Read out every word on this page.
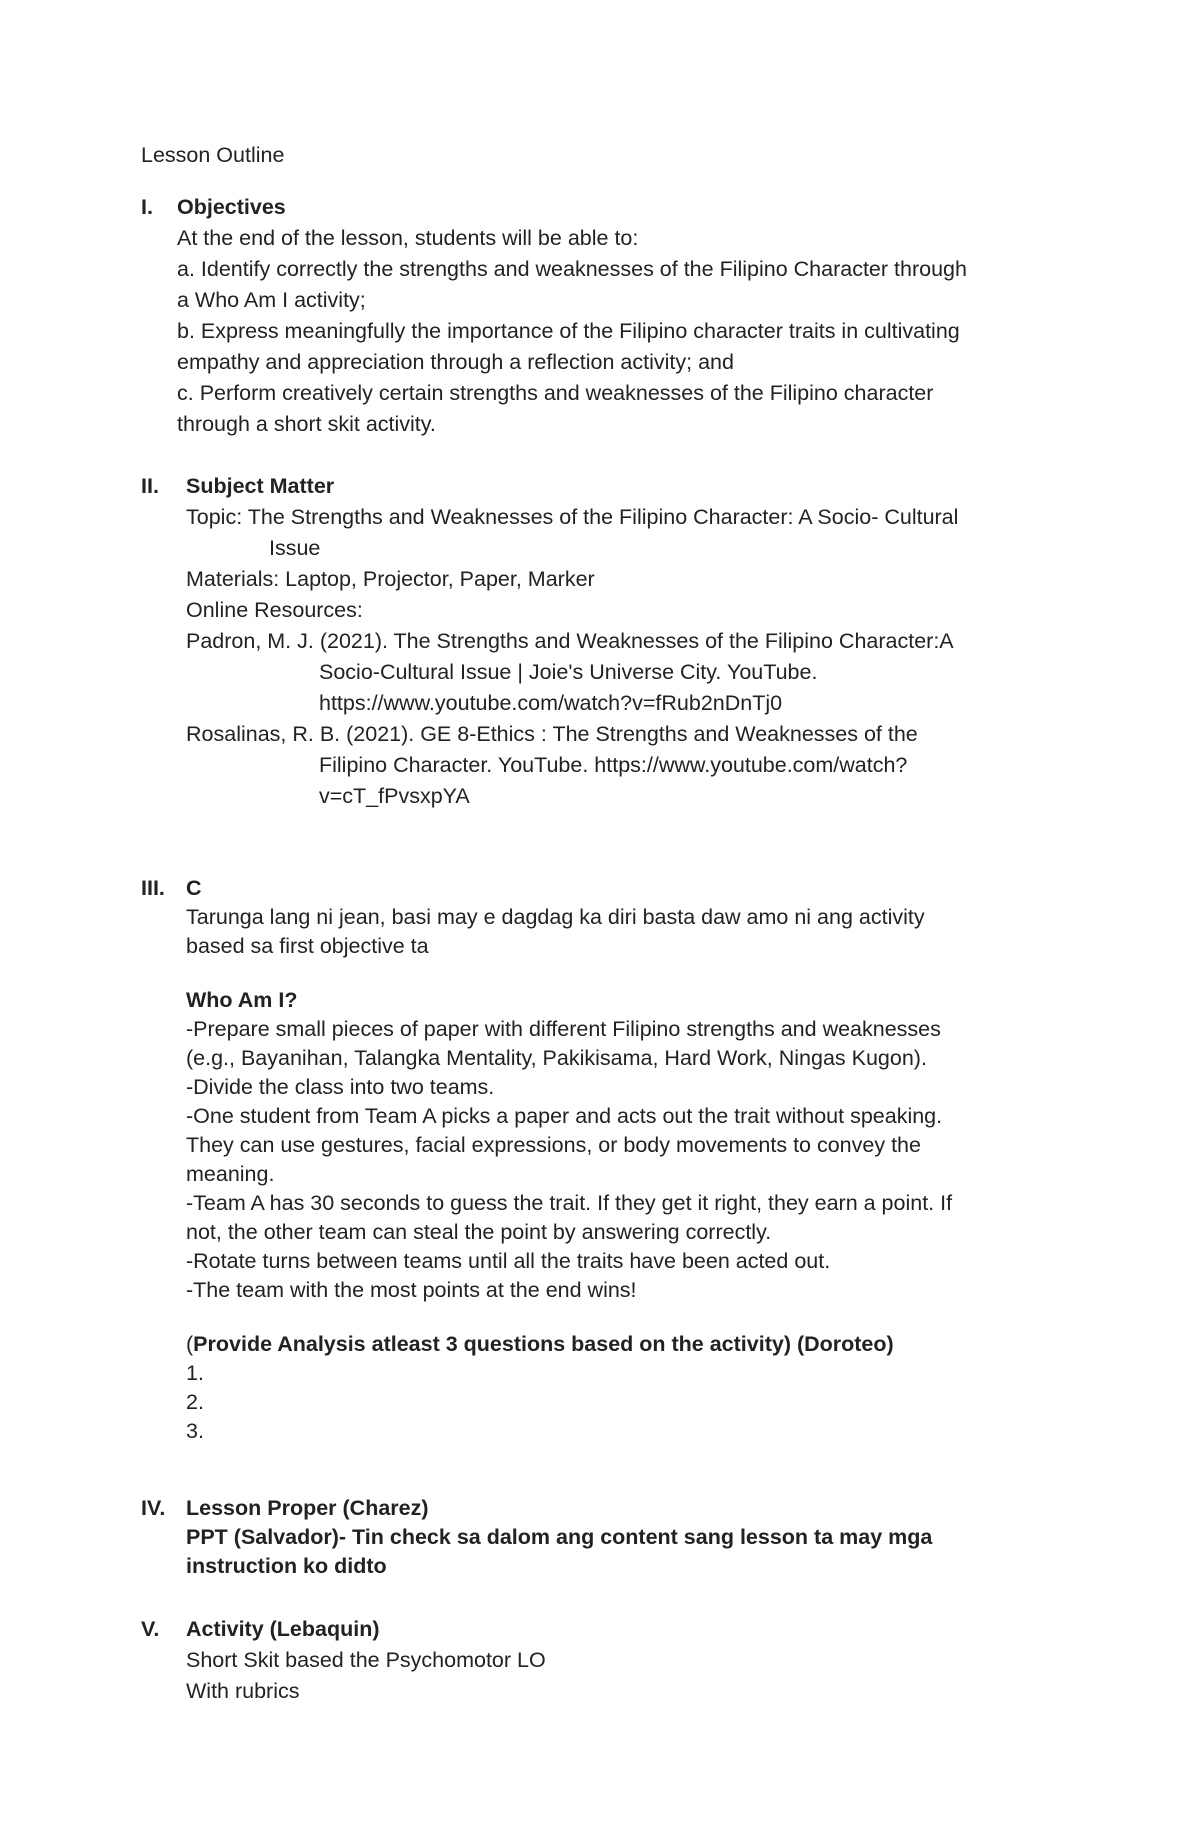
Lesson Outline
I. Objectives
At the end of the lesson, students will be able to:
a. Identify correctly the strengths and weaknesses of the Filipino Character through
a Who Am I activity;
b. Express meaningfully the importance of the Filipino character traits in cultivating
empathy and appreciation through a reflection activity; and
c. Perform creatively certain strengths and weaknesses of the Filipino character
through a short skit activity.
II. Subject Matter
Topic: The Strengths and Weaknesses of the Filipino Character: A Socio- Cultural
Issue
Materials: Laptop, Projector, Paper, Marker
Online Resources:
Padron, M. J. (2021). The Strengths and Weaknesses of the Filipino Character:A
Socio-Cultural Issue | Joie's Universe City. YouTube.
https://www.youtube.com/watch?v=fRub2nDnTj0
Rosalinas, R. B. (2021). GE 8-Ethics : The Strengths and Weaknesses of the
Filipino Character. YouTube. https://www.youtube.com/watch?
v=cT_fPvsxpYA
III. C
Tarunga lang ni jean, basi may e dagdag ka diri basta daw amo ni ang activity
based sa first objective ta
Who Am I?
-Prepare small pieces of paper with different Filipino strengths and weaknesses
(e.g., Bayanihan, Talangka Mentality, Pakikisama, Hard Work, Ningas Kugon).
-Divide the class into two teams.
-One student from Team A picks a paper and acts out the trait without speaking.
They can use gestures, facial expressions, or body movements to convey the
meaning.
-Team A has 30 seconds to guess the trait. If they get it right, they earn a point. If
not, the other team can steal the point by answering correctly.
-Rotate turns between teams until all the traits have been acted out.
-The team with the most points at the end wins!
(Provide Analysis atleast 3 questions based on the activity) (Doroteo)
1.
2.
3.
IV. Lesson Proper (Charez)
PPT (Salvador)- Tin check sa dalom ang content sang lesson ta may mga
instruction ko didto
V. Activity (Lebaquin)
Short Skit based the Psychomotor LO
With rubrics
